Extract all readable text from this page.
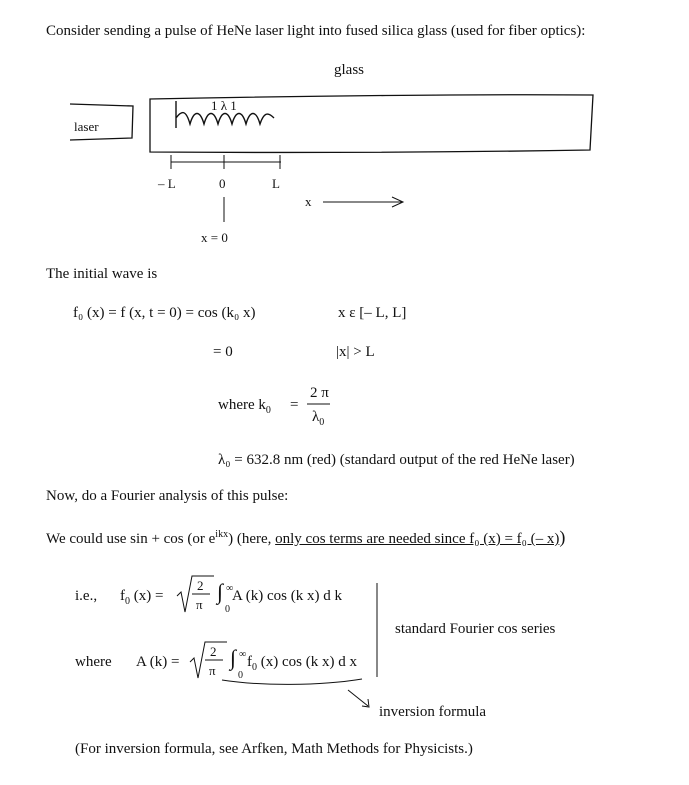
Consider sending a pulse of HeNe laser light into fused silica glass (used for fiber optics):
glass
laser
1 λ 1
– L	0	L
x
x = 0
The initial wave is
f₀ (x) = f (x, t = 0) = cos (k₀ x)	x ε [– L, L]
= 0	|x| > L
where $k_0$ =
2 π
$\lambda_0$
λ₀ = 632.8 nm (red) (standard output of the red HeNe laser)
Now, do a Fourier analysis of this pulse:
We could use sin + cos (or $e^{ikx}$) (here, only cos terms are needed since f₀ (x) = f₀ (– x))
i.e., $f_0$ (x) =
2
π
∫ ∞
0
A (k) cos (k x) d k
standard Fourier cos series
where A (k) =
2
π
∫ ∞
0
$f_0$ (x) cos (k x) d x
inversion formula
(For inversion formula, see Arfken, Math Methods for Physicists.)
